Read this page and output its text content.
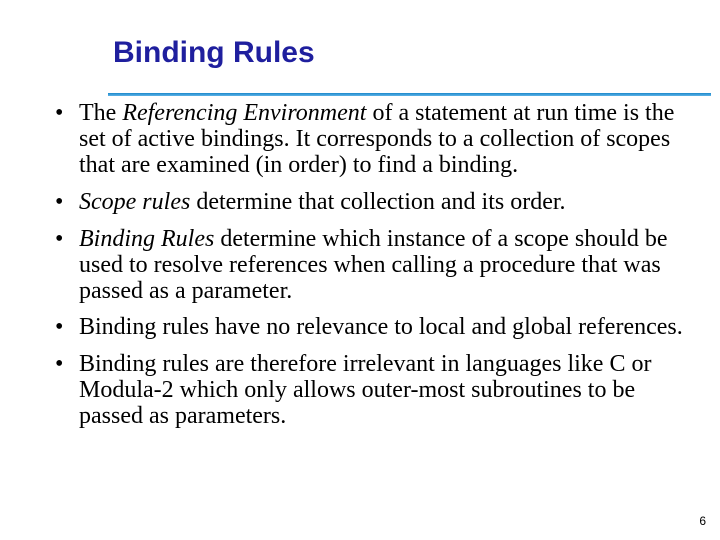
Binding Rules
• The Referencing Environment of a statement at run time is the set of active bindings. It corresponds to a collection of scopes that are examined (in order) to find a binding.
• Scope rules determine that collection and its order.
• Binding Rules determine which instance of a scope should be used to resolve references when calling a procedure that was passed as a parameter.
• Binding rules have no relevance to local and global references.
• Binding rules are therefore irrelevant in languages like C or Modula-2 which only allows outer-most subroutines to be passed as parameters.
6
